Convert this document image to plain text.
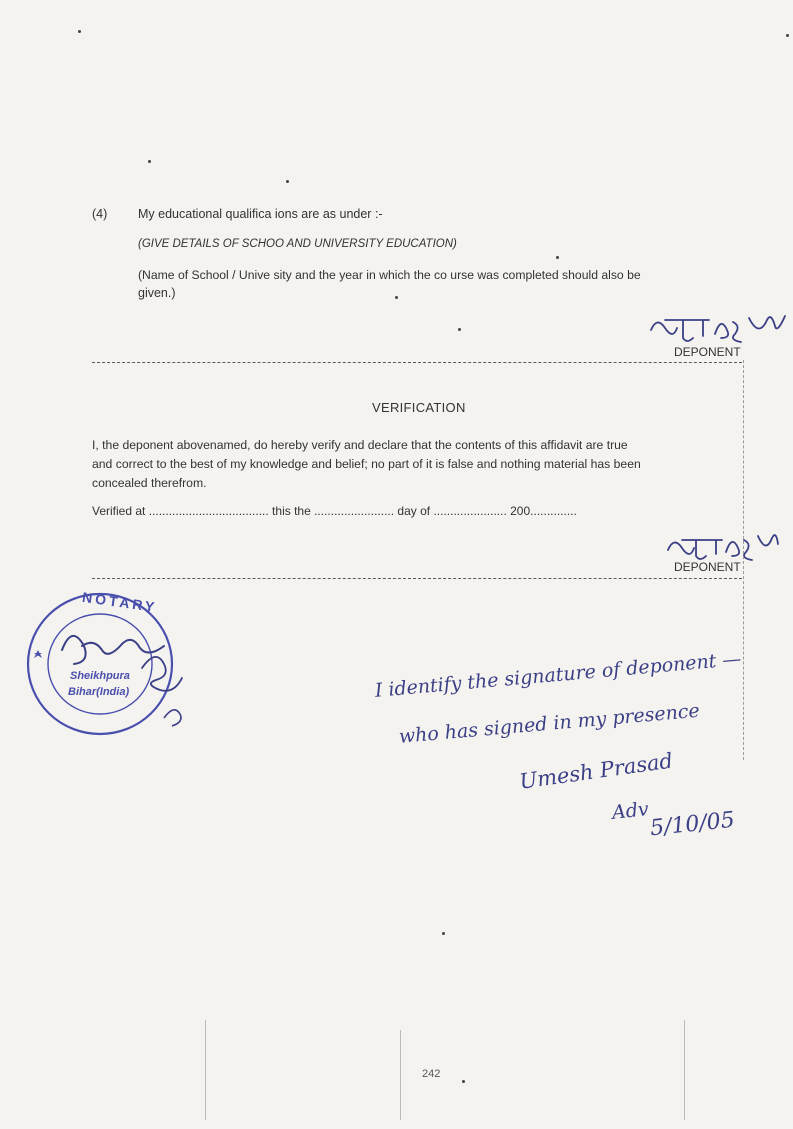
(4) My educational qualifica ions are as under :-
(GIVE DETAILS OF SCHOO AND UNIVERSITY EDUCATION)
(Name of School / Unive sity and the year in which the co urse was completed should also be
given.)
DEPONENT
VERIFICATION
I, the deponent abovenamed, do hereby verify and declare that the contents of this affidavit are true
and correct to the best of my knowledge and belief; no part of it is false and nothing material has been
concealed therefrom.
Verified at .................................... this the ........................ day of ...................... 200..............
DEPONENT
NOTARY
Sheikhpura
Bihar(India)	I identify the signature of deponent —
who has signed in my presence
Umesh Prasad
Adv 5/10/05
242
